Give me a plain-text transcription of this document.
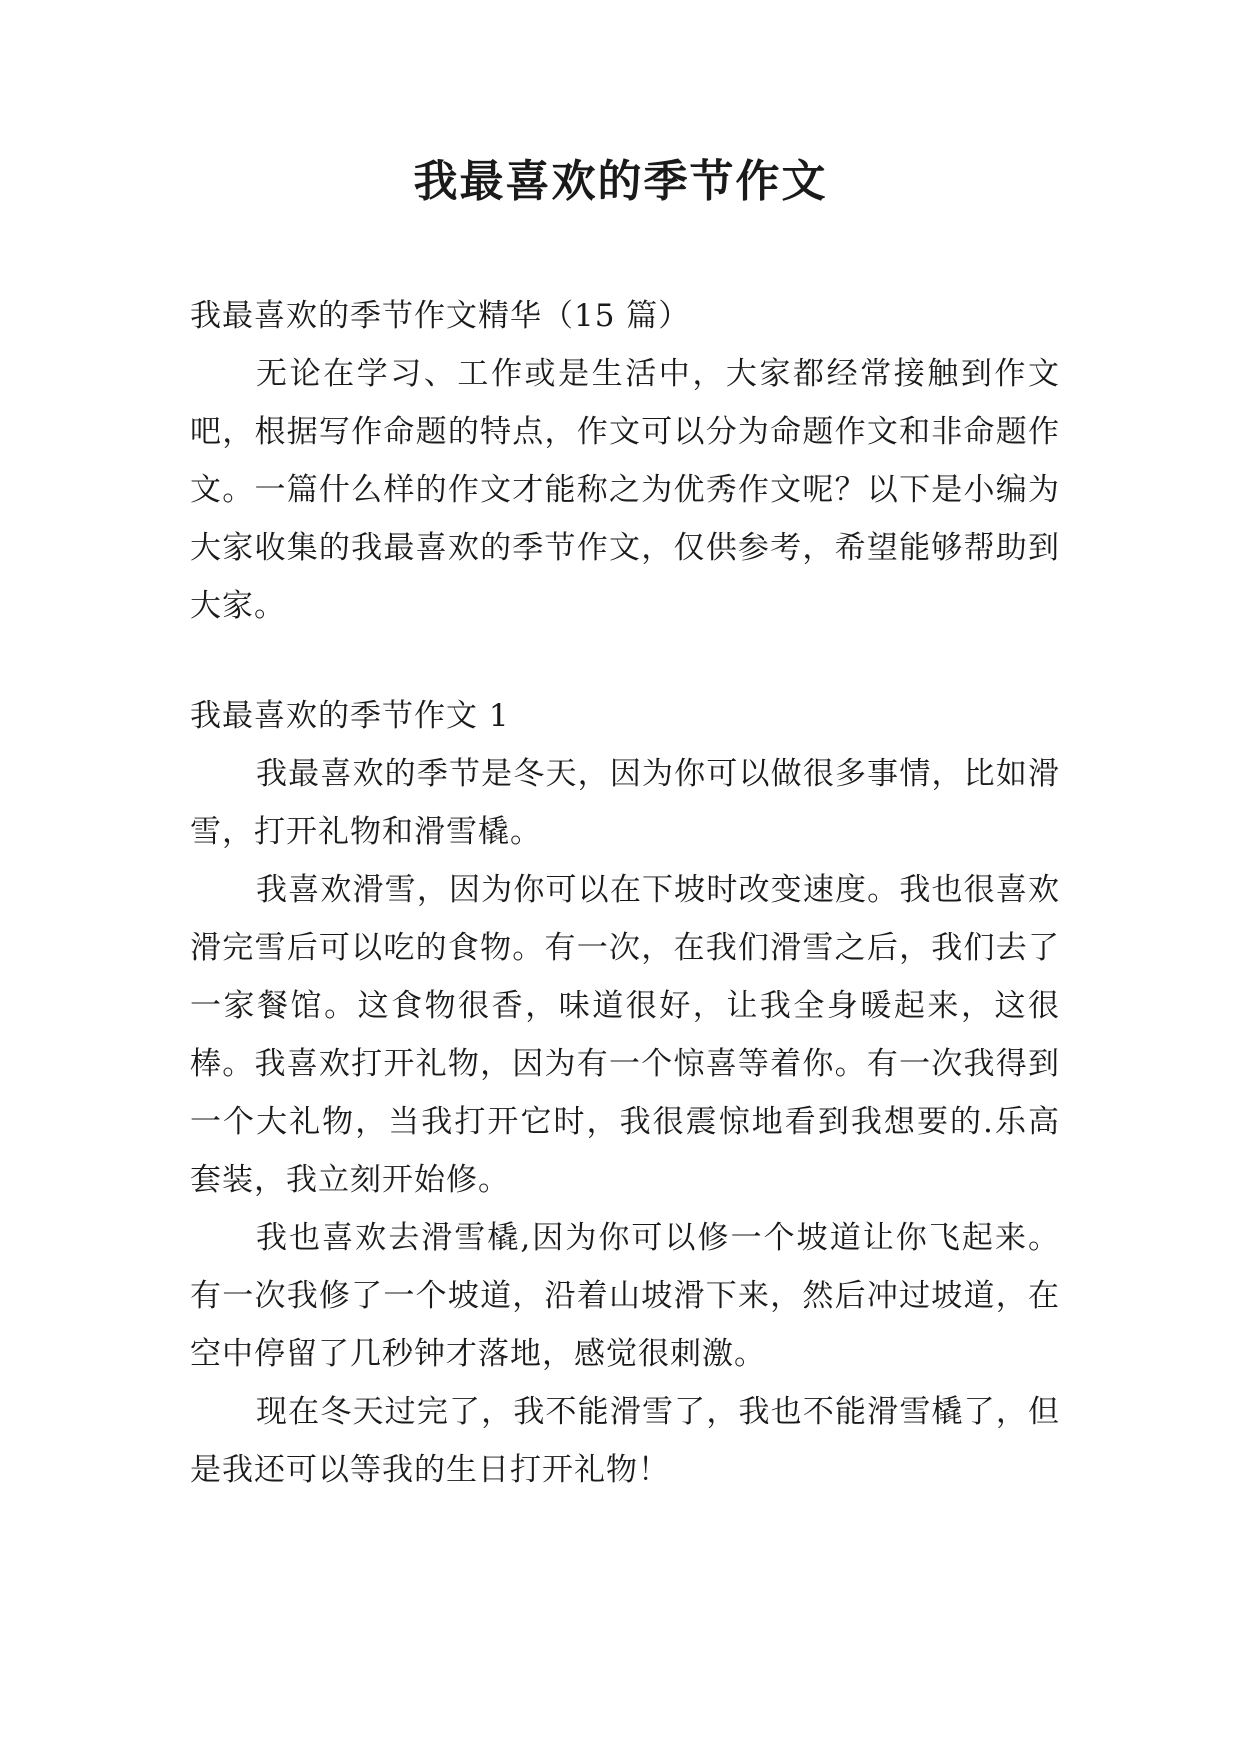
我最喜欢的季节作文

我最喜欢的季节作文精华（15 篇）

无论在学习、工作或是生活中，大家都经常接触到作文吧，根据写作命题的特点，作文可以分为命题作文和非命题作文。一篇什么样的作文才能称之为优秀作文呢？以下是小编为大家收集的我最喜欢的季节作文，仅供参考，希望能够帮助到大家。

我最喜欢的季节作文 1

我最喜欢的季节是冬天，因为你可以做很多事情，比如滑雪，打开礼物和滑雪橇。

我喜欢滑雪，因为你可以在下坡时改变速度。我也很喜欢滑完雪后可以吃的食物。有一次，在我们滑雪之后，我们去了一家餐馆。这食物很香，味道很好，让我全身暖起来，这很棒。我喜欢打开礼物，因为有一个惊喜等着你。有一次我得到一个大礼物，当我打开它时，我很震惊地看到我想要的.乐高套装，我立刻开始修。

我也喜欢去滑雪橇,因为你可以修一个坡道让你飞起来。有一次我修了一个坡道，沿着山坡滑下来，然后冲过坡道，在空中停留了几秒钟才落地，感觉很刺激。

现在冬天过完了，我不能滑雪了，我也不能滑雪橇了，但是我还可以等我的生日打开礼物！
